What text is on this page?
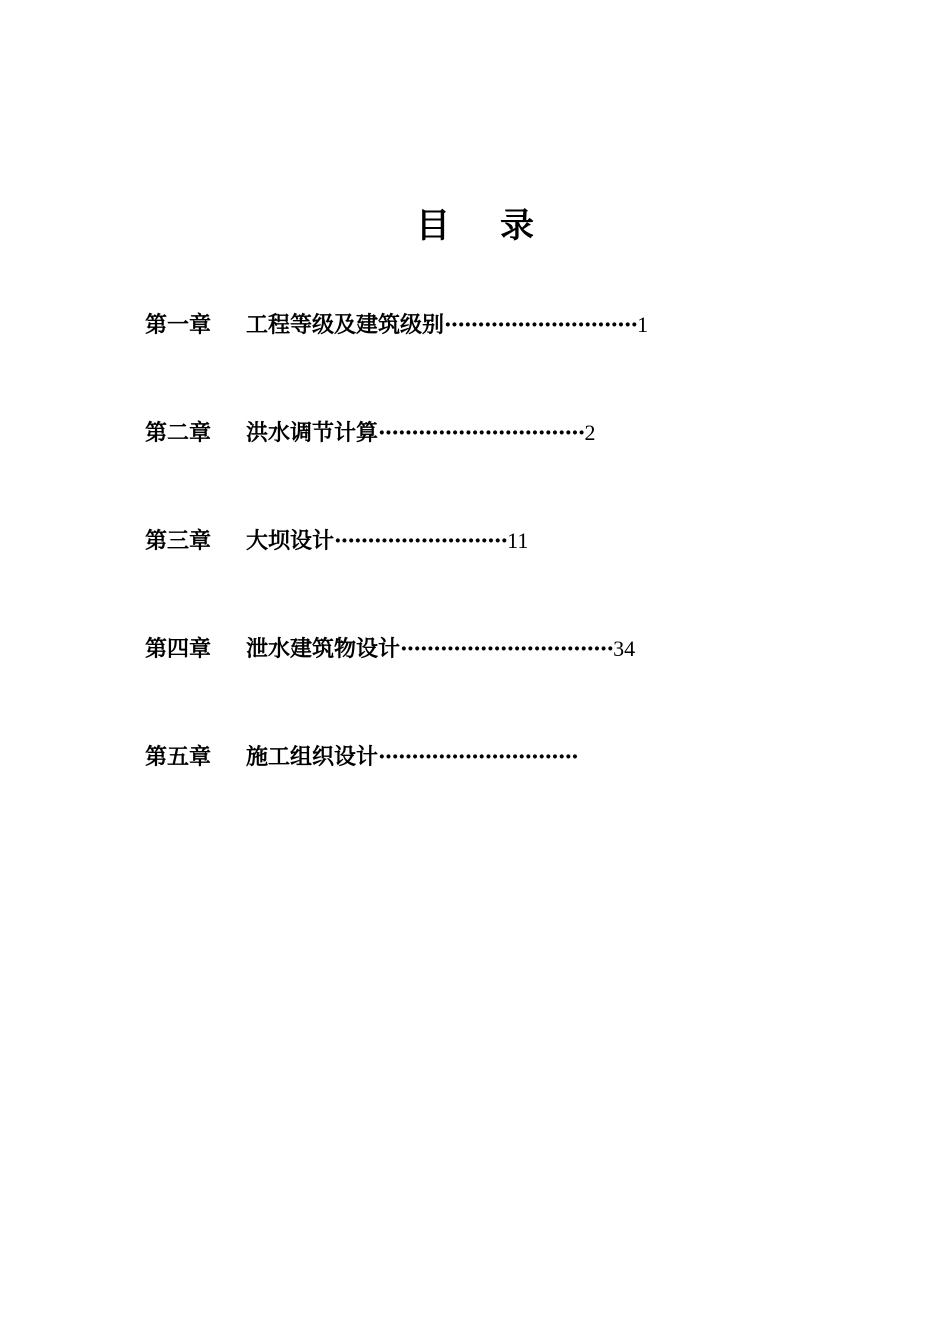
目 录
第一章 工程等级及建筑级别·····························1
第二章 洪水调节计算·······························2
第三章 大坝设计··························11
第四章 泄水建筑物设计································34
第五章 施工组织设计······························
